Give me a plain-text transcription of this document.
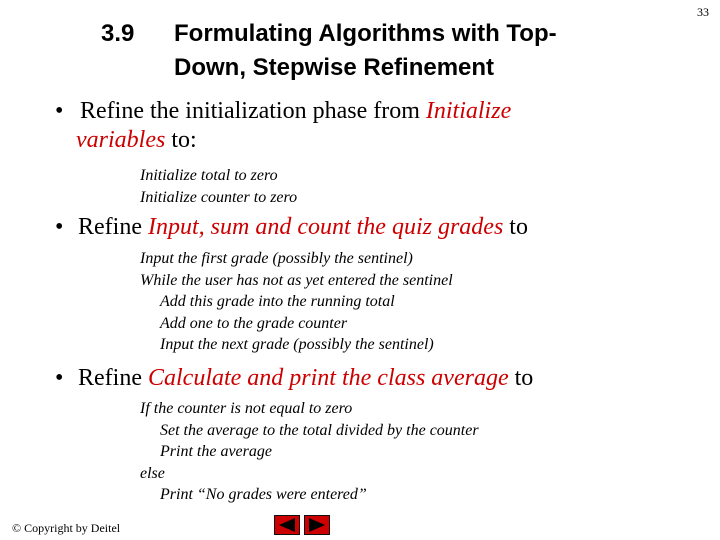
33
3.9 Formulating Algorithms with Top-
Down, Stepwise Refinement
• Refine the initialization phase from Initialize
variables to:
Initialize total to zero
Initialize counter to zero
• Refine Input, sum and count the quiz grades to
Input the first grade (possibly the sentinel)
While the user has not as yet entered the sentinel
Add this grade into the running total
Add one to the grade counter
Input the next grade (possibly the sentinel)
• Refine Calculate and print the class average to
If the counter is not equal to zero
Set the average to the total divided by the counter
Print the average
else
Print “No grades were entered”
© Copyright by Deitel
